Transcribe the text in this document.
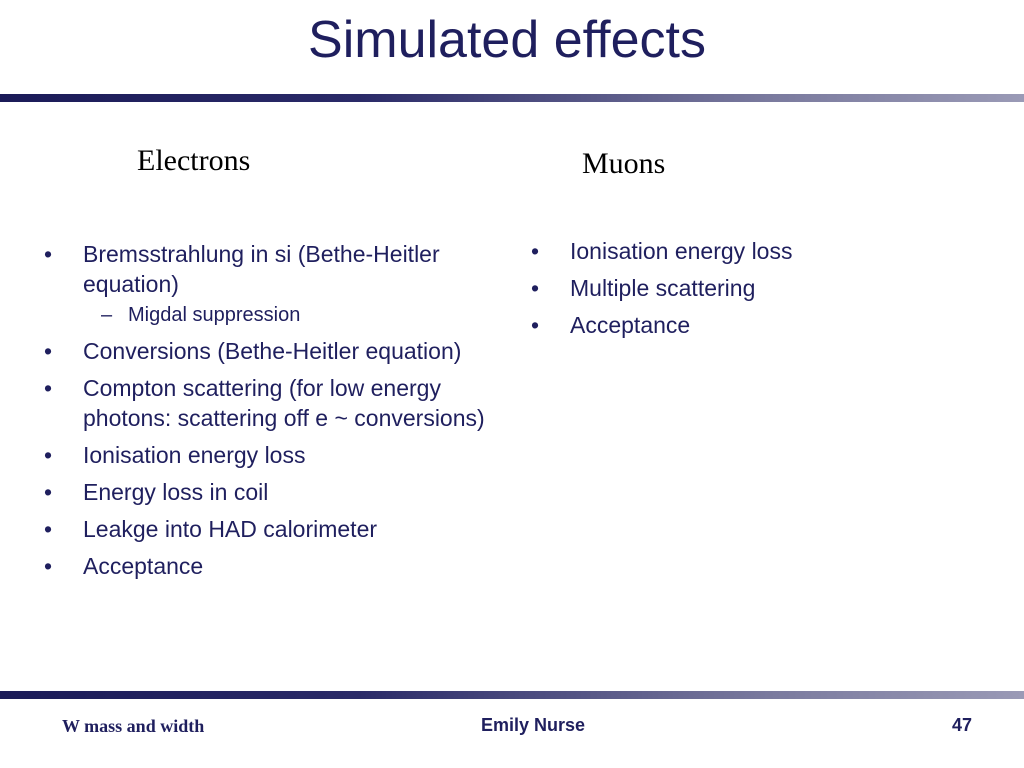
Simulated effects
Electrons	Muons
• Bremsstrahlung in si (Bethe-Heitler equation)
– Migdal suppression
• Conversions (Bethe-Heitler equation)
• Compton scattering (for low energy photons: scattering off e ~ conversions)
• Ionisation energy loss
• Energy loss in coil
• Leakge into HAD calorimeter
• Acceptance
• Ionisation energy loss
• Multiple scattering
• Acceptance
W mass and width	Emily Nurse	47
